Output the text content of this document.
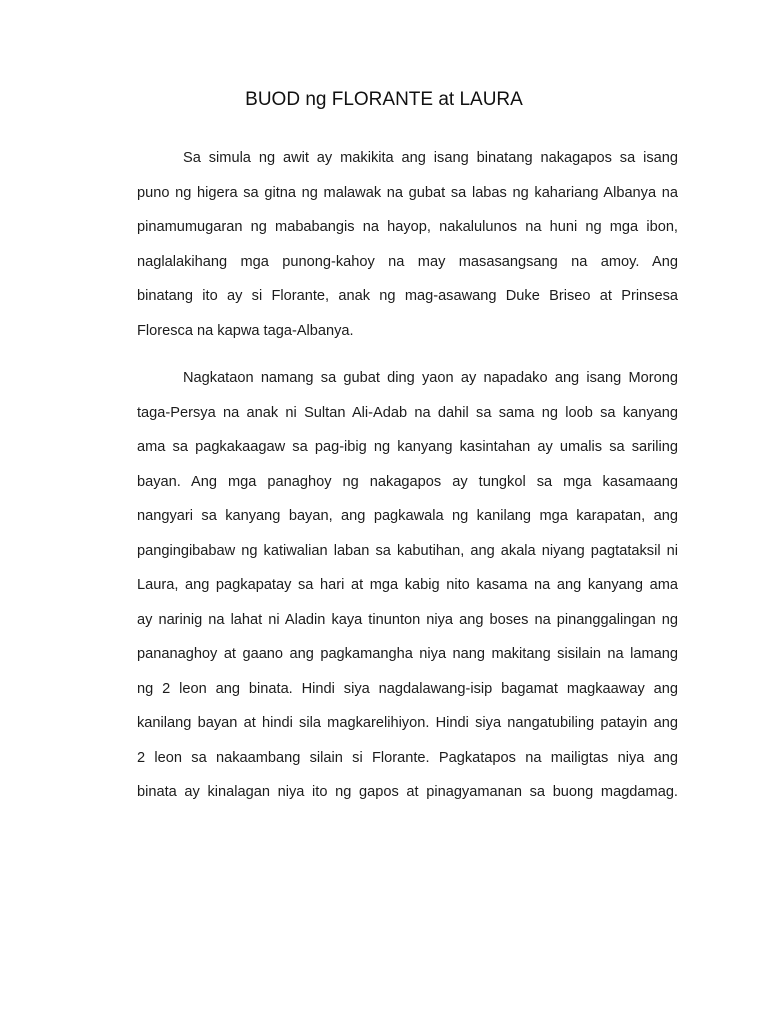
BUOD ng FLORANTE at LAURA
Sa simula ng awit ay makikita ang isang binatang nakagapos sa isang
puno ng higera sa gitna ng malawak na gubat sa labas ng kahariang Albanya na
pinamumugaran ng mababangis na hayop, nakalulunos na huni ng mga ibon,
naglalakihang mga punong-kahoy na may masasangsang na amoy. Ang
binatang ito ay si Florante, anak ng mag-asawang Duke Briseo at Prinsesa
Floresca na kapwa taga-Albanya.
Nagkataon namang sa gubat ding yaon ay napadako ang isang Morong
taga-Persya na anak ni Sultan Ali-Adab na dahil sa sama ng loob sa kanyang
ama sa pagkakaagaw sa pag-ibig ng kanyang kasintahan ay umalis sa sariling
bayan. Ang mga panaghoy ng nakagapos ay tungkol sa mga kasamaang
nangyari sa kanyang bayan, ang pagkawala ng kanilang mga karapatan, ang
pangingibabaw ng katiwalian laban sa kabutihan, ang akala niyang pagtataksil ni
Laura, ang pagkapatay sa hari at mga kabig nito kasama na ang kanyang ama
ay narinig na lahat ni Aladin kaya tinunton niya ang boses na pinanggalingan ng
pananaghoy at gaano ang pagkamangha niya nang makitang sisilain na lamang
ng 2 leon ang binata. Hindi siya nagdalawang-isip bagamat magkaaway ang
kanilang bayan at hindi sila magkarelihiyon. Hindi siya nangatubiling patayin ang
2 leon sa nakaambang silain si Florante. Pagkatapos na mailigtas niya ang
binata ay kinalagan niya ito ng gapos at pinagyamanan sa buong magdamag.
